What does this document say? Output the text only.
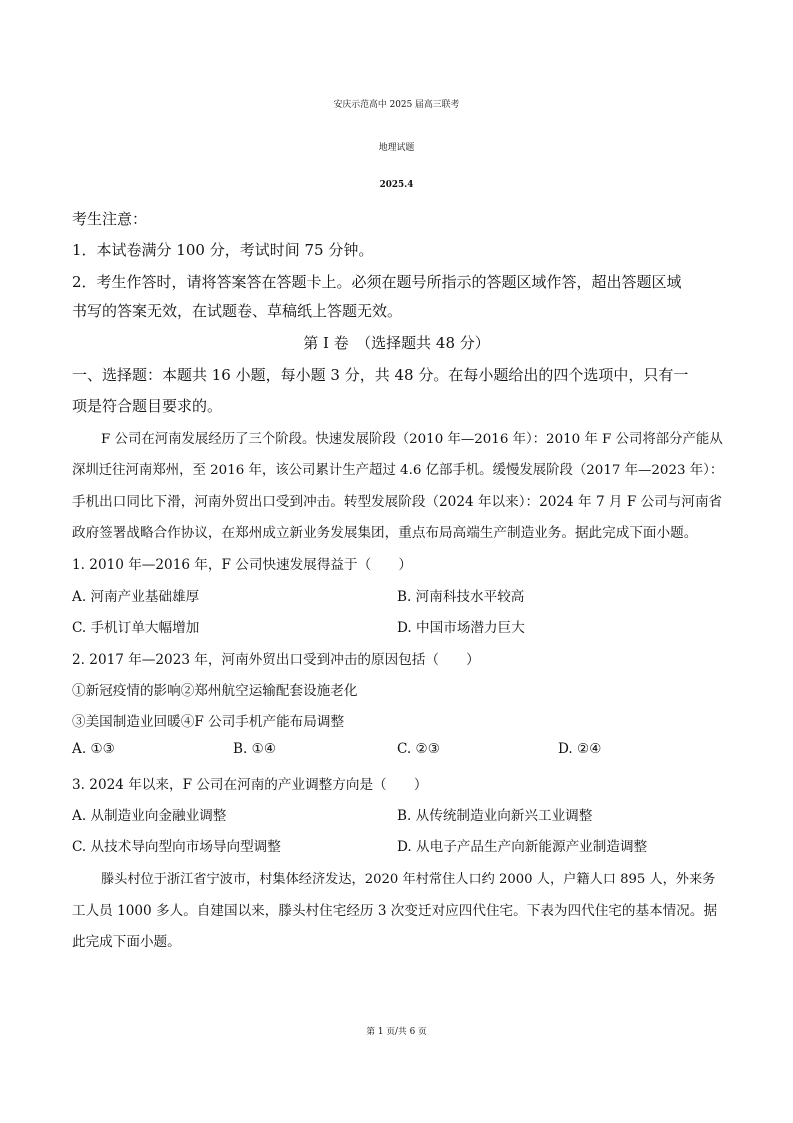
安庆示范高中 2025 届高三联考
地理试题
2025.4
考生注意：
1．本试卷满分 100 分，考试时间 75 分钟。
2．考生作答时，请将答案答在答题卡上。必须在题号所指示的答题区域作答，超出答题区域
书写的答案无效，在试题卷、草稿纸上答题无效。
第 I 卷　（选择题共 48 分）
一、选择题：本题共 16 小题，每小题 3 分，共 48 分。在每小题给出的四个选项中，只有一
项是符合题目要求的。
F 公司在河南发展经历了三个阶段。快速发展阶段（2010 年—2016 年）：2010 年 F 公司将部分产能从
深圳迁往河南郑州，至 2016 年，该公司累计生产超过 4.6 亿部手机。缓慢发展阶段（2017 年—2023 年）：
手机出口同比下滑，河南外贸出口受到冲击。转型发展阶段（2024 年以来）：2024 年 7 月 F 公司与河南省
政府签署战略合作协议，在郑州成立新业务发展集团，重点布局高端生产制造业务。据此完成下面小题。
1. 2010 年—2016 年，F 公司快速发展得益于（　　）
A. 河南产业基础雄厚	B. 河南科技水平较高
C. 手机订单大幅增加	D. 中国市场潜力巨大
2. 2017 年—2023 年，河南外贸出口受到冲击的原因包括（　　）
①新冠疫情的影响②郑州航空运输配套设施老化
③美国制造业回暖④F 公司手机产能布局调整
A. ①③	B. ①④	C. ②③	D. ②④
3. 2024 年以来，F 公司在河南的产业调整方向是（　　）
A. 从制造业向金融业调整	B. 从传统制造业向新兴工业调整
C. 从技术导向型向市场导向型调整	D. 从电子产品生产向新能源产业制造调整
滕头村位于浙江省宁波市，村集体经济发达，2020 年村常住人口约 2000 人，户籍人口 895 人，外来务
工人员 1000 多人。自建国以来，滕头村住宅经历 3 次变迁对应四代住宅。下表为四代住宅的基本情况。据
此完成下面小题。
第 1 页/共 6 页
